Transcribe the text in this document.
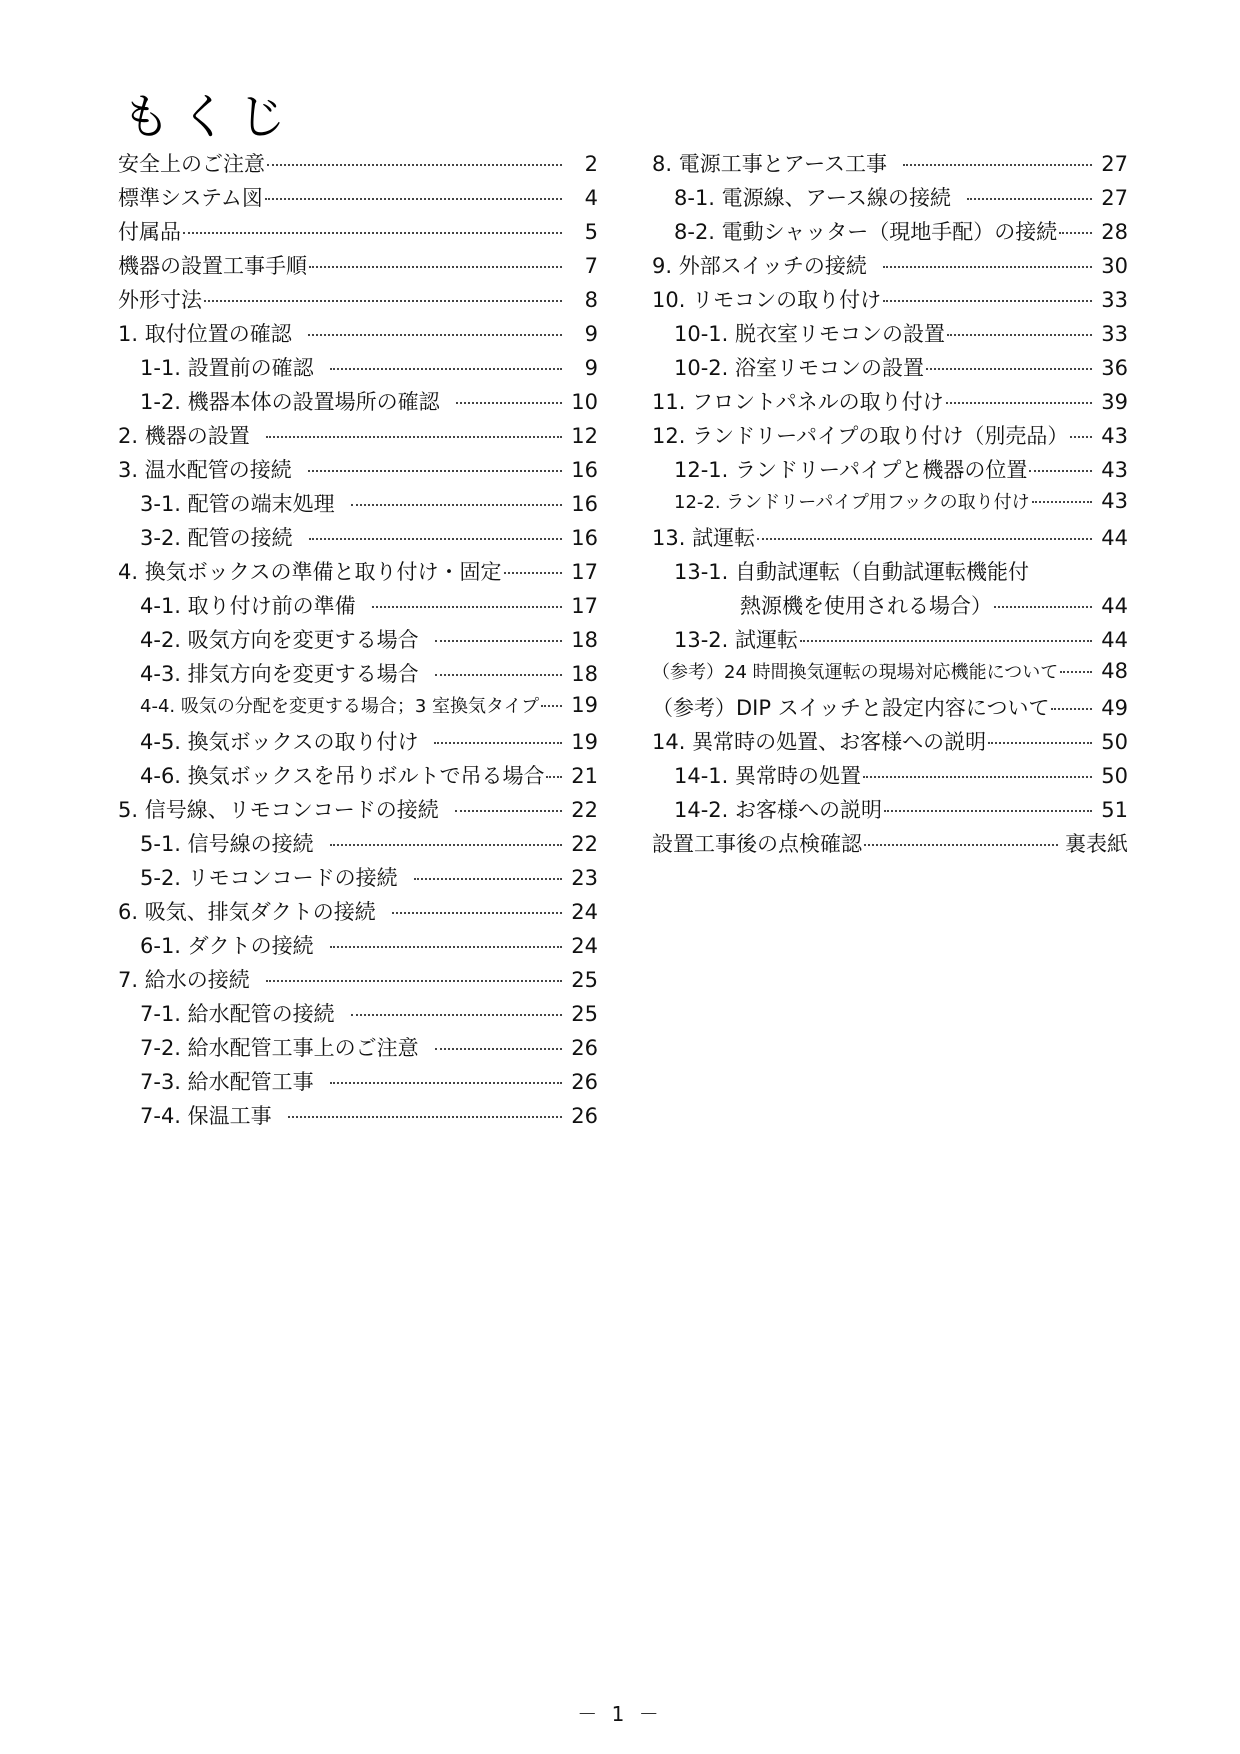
もくじ
安全上のご注意	2
標準システム図	4
付属品	5
機器の設置工事手順	7
外形寸法	8
1. 取付位置の確認	9
1-1. 設置前の確認	9
1-2. 機器本体の設置場所の確認	10
2. 機器の設置	12
3. 温水配管の接続	16
3-1. 配管の端末処理	16
3-2. 配管の接続	16
4. 換気ボックスの準備と取り付け・固定	17
4-1. 取り付け前の準備	17
4-2. 吸気方向を変更する場合	18
4-3. 排気方向を変更する場合	18
4-4. 吸気の分配を変更する場合；3 室換気タイプ 19
4-5. 換気ボックスの取り付け	19
4-6. 換気ボックスを吊りボルトで吊る場合 21
5. 信号線、リモコンコードの接続	22
5-1. 信号線の接続	22
5-2. リモコンコードの接続	23
6. 吸気、排気ダクトの接続	24
6-1. ダクトの接続	24
7. 給水の接続	25
7-1. 給水配管の接続	25
7-2. 給水配管工事上のご注意	26
7-3. 給水配管工事	26
7-4. 保温工事	26
8. 電源工事とアース工事	27
8-1. 電源線、アース線の接続	27
8-2. 電動シャッター（現地手配）の接続 28
9. 外部スイッチの接続	30
10. リモコンの取り付け	33
10-1. 脱衣室リモコンの設置	33
10-2. 浴室リモコンの設置	36
11. フロントパネルの取り付け	39
12. ランドリーパイプの取り付け（別売品） 43
12-1. ランドリーパイプと機器の位置	43
12-2. ランドリーパイプ用フックの取り付け	43
13. 試運転	44
13-1. 自動試運転（自動試運転機能付
熱源機を使用される場合）	44
13-2. 試運転	44
（参考）24 時間換気運転の現場対応機能について 48
（参考）DIP スイッチと設定内容について 49
14. 異常時の処置、お客様への説明	50
14-1. 異常時の処置	50
14-2. お客様への説明	51
設置工事後の点検確認	裏表紙
－ 1 －
